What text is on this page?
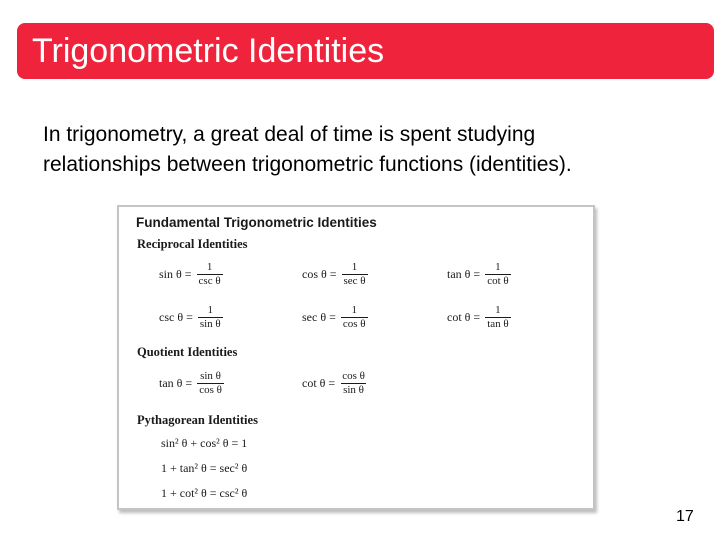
Trigonometric Identities
In trigonometry, a great deal of time is spent studying
relationships between trigonometric functions (identities).
Fundamental Trigonometric Identities
Reciprocal Identities
$\sin \theta = \frac{1}{\text{csc θ}}$	$\cos \theta = \frac{1}{\text{sec θ}}$	$\tan \theta = \frac{1}{\text{cot θ}}$
$\csc \theta = \frac{1}{\text{sin θ}}$	$\sec \theta = \frac{1}{\text{cos θ}}$	$\cot \theta = \frac{1}{\text{tan θ}}$
Quotient Identities
$\tan \theta = \frac{\text{sin θ}}{\text{cos θ}}$	$\cot \theta = \frac{\text{cos θ}}{\text{sin θ}}$
Pythagorean Identities
sin² θ + cos² θ = 1
1 + tan² θ = sec² θ
1 + cot² θ = csc² θ
17
